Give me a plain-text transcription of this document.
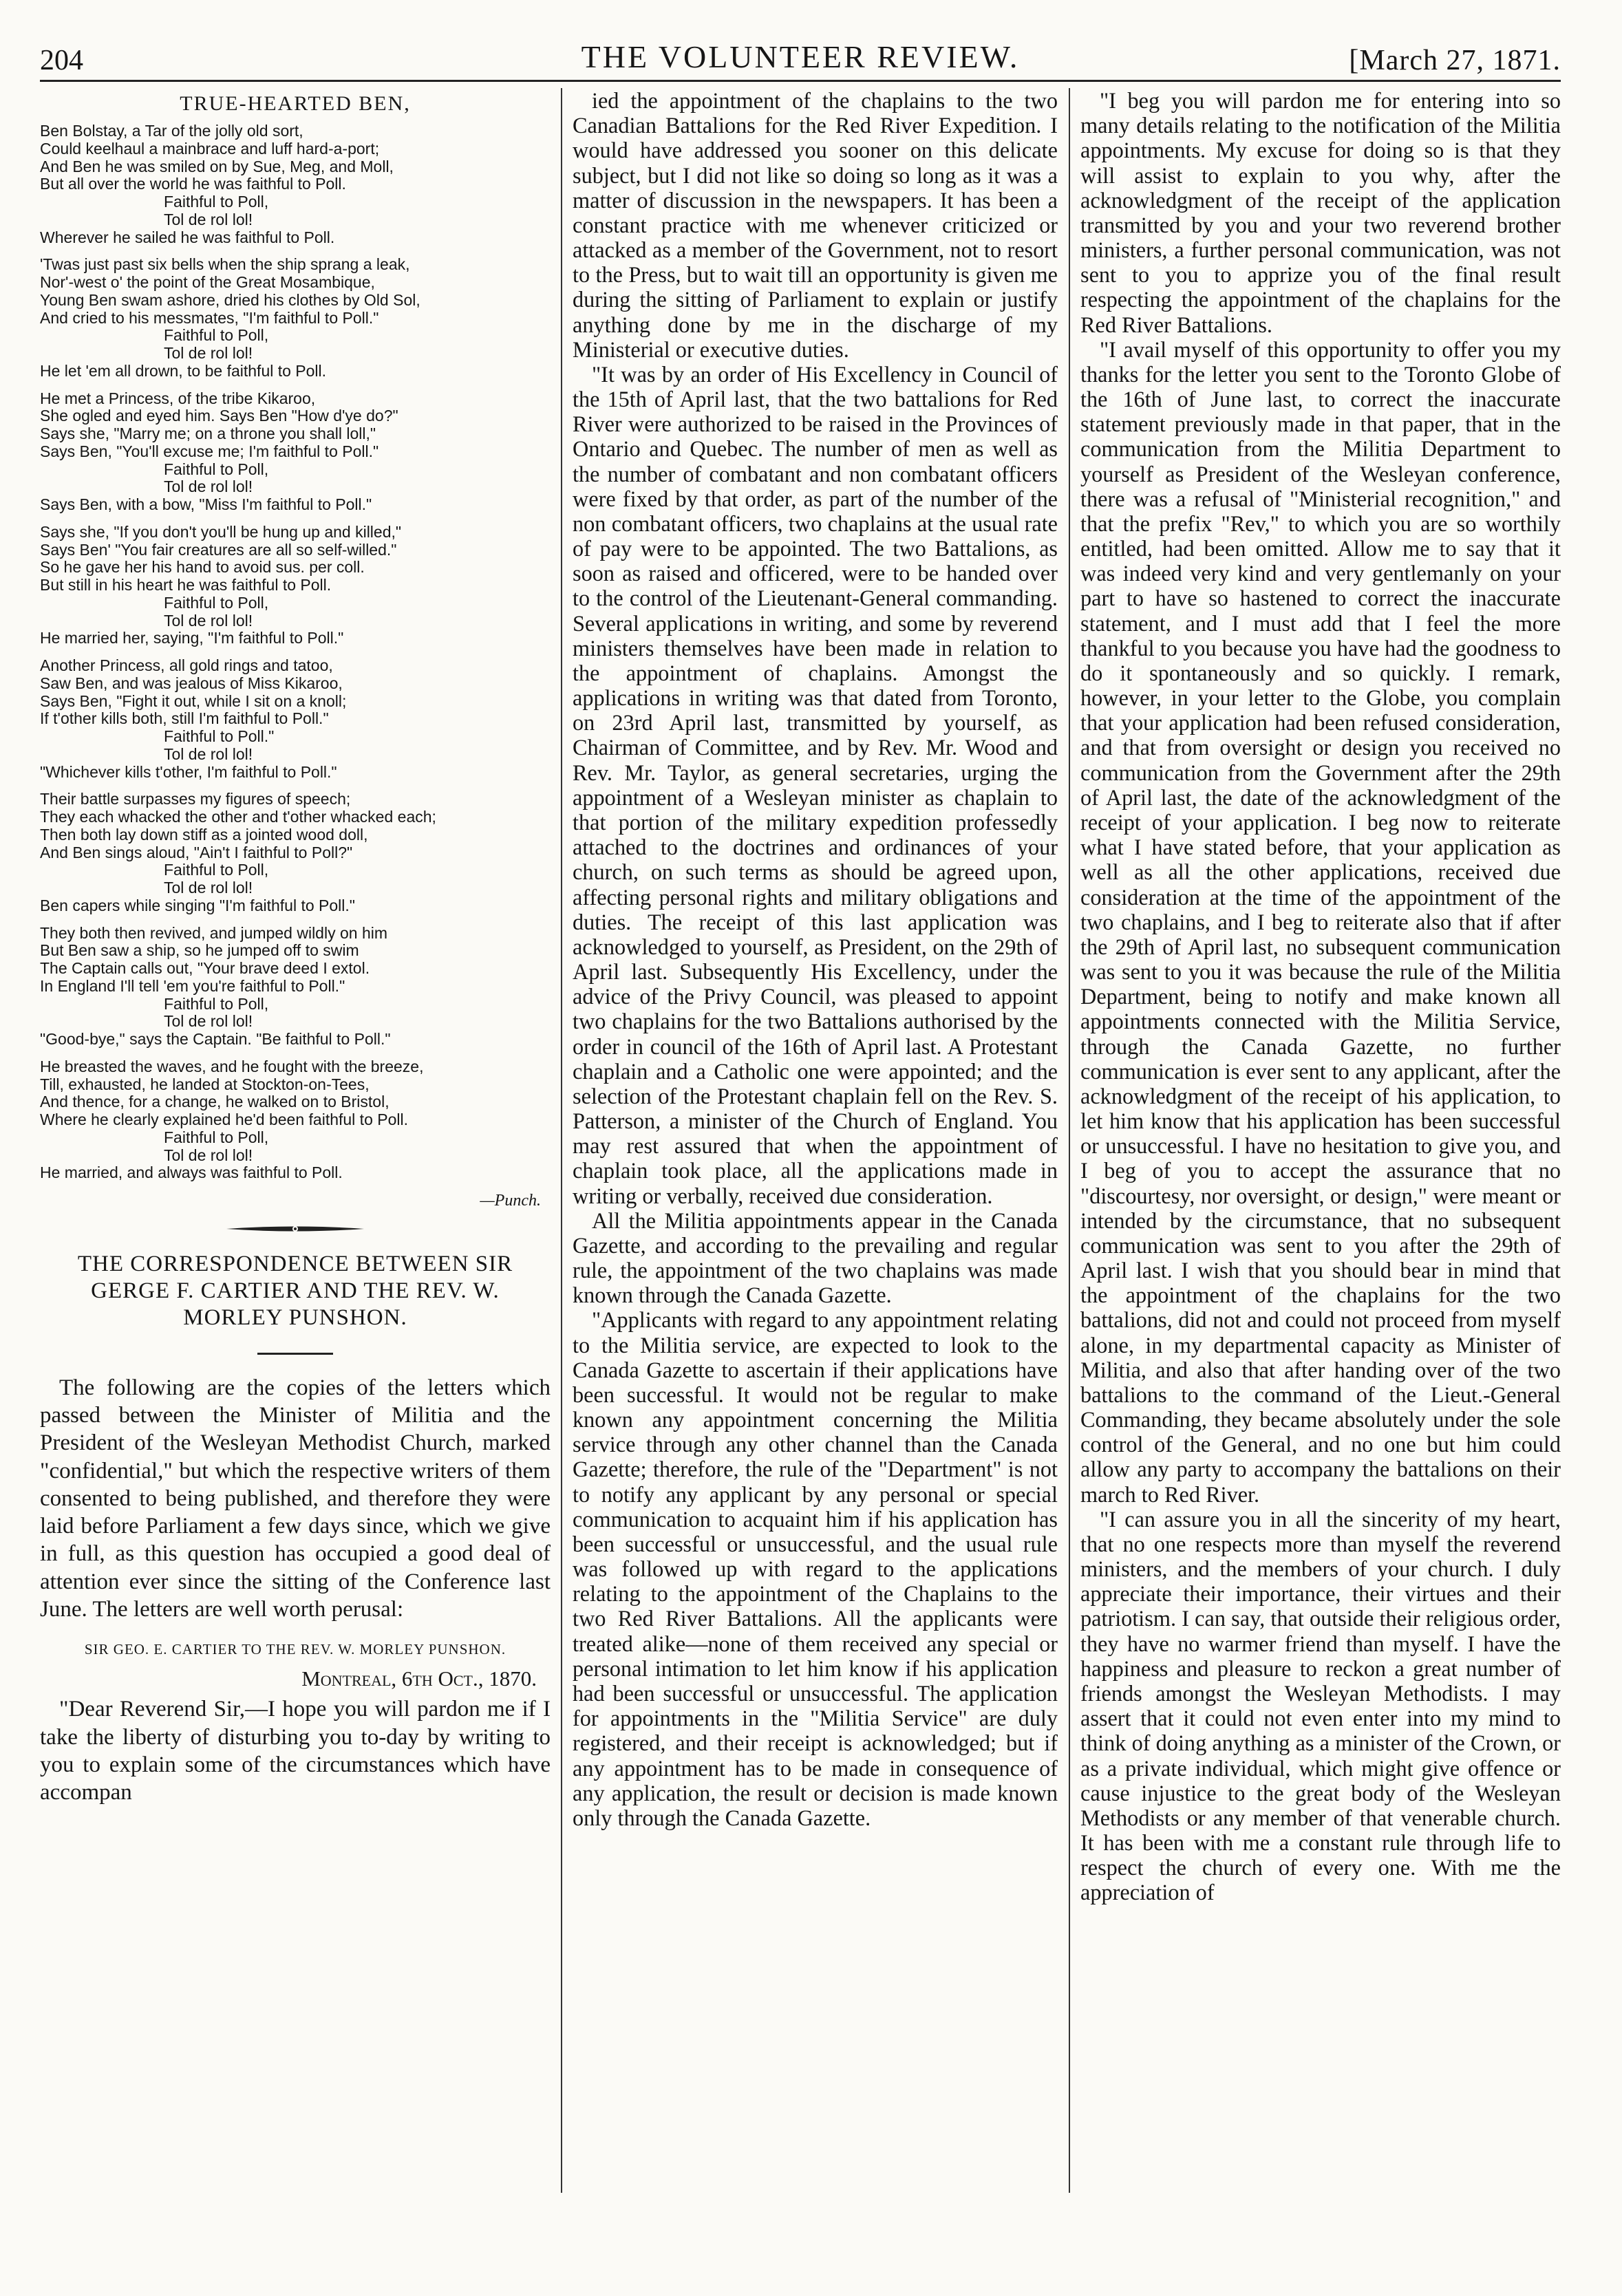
204	THE VOLUNTEER REVIEW.	[March 27, 1871.
TRUE-HEARTED BEN,
Ben Bolstay, a Tar of the jolly old sort,
Could keelhaul a mainbrace and luff hard-a-port;
And Ben he was smiled on by Sue, Meg, and Moll,
But all over the world he was faithful to Poll.
Faithful to Poll,
Tol de rol lol!
Wherever he sailed he was faithful to Poll.
'Twas just past six bells when the ship sprang a leak,
Nor'-west o' the point of the Great Mosambique,
Young Ben swam ashore, dried his clothes by Old Sol,
And cried to his messmates, "I'm faithful to Poll."
Faithful to Poll,
Tol de rol lol!
He let 'em all drown, to be faithful to Poll.
He met a Princess, of the tribe Kikaroo,
She ogled and eyed him. Says Ben "How d'ye do?"
Says she, "Marry me; on a throne you shall loll,"
Says Ben, "You'll excuse me; I'm faithful to Poll."
Faithful to Poll,
Tol de rol lol!
Says Ben, with a bow, "Miss I'm faithful to Poll."
Says she, "If you don't you'll be hung up and killed,"
Says Ben' "You fair creatures are all so self-willed."
So he gave her his hand to avoid sus. per coll.
But still in his heart he was faithful to Poll.
Faithful to Poll,
Tol de rol lol!
He married her, saying, "I'm faithful to Poll."
Another Princess, all gold rings and tatoo,
Saw Ben, and was jealous of Miss Kikaroo,
Says Ben, "Fight it out, while I sit on a knoll;
If t'other kills both, still I'm faithful to Poll."
Faithful to Poll."
Tol de rol lol!
"Whichever kills t'other, I'm faithful to Poll."
Their battle surpasses my figures of speech;
They each whacked the other and t'other whacked each;
Then both lay down stiff as a jointed wood doll,
And Ben sings aloud, "Ain't I faithful to Poll?"
Faithful to Poll,
Tol de rol lol!
Ben capers while singing "I'm faithful to Poll."
They both then revived, and jumped wildly on him
But Ben saw a ship, so he jumped off to swim
The Captain calls out, "Your brave deed I extol.
In England I'll tell 'em you're faithful to Poll."
Faithful to Poll,
Tol de rol lol!
"Good-bye," says the Captain. "Be faithful to Poll."
He breasted the waves, and he fought with the breeze,
Till, exhausted, he landed at Stockton-on-Tees,
And thence, for a change, he walked on to Bristol,
Where he clearly explained he'd been faithful to Poll.
Faithful to Poll,
Tol de rol lol!
He married, and always was faithful to Poll.
—Punch.
THE CORRESPONDENCE BETWEEN SIR GERGE F. CARTIER AND THE REV. W. MORLEY PUNSHON.

The following are the copies of the letters which passed between the Minister of Militia and the President of the Wesleyan Methodist Church, marked "confidential," but which the respective writers of them consented to being published, and therefore they were laid before Parliament a few days since, which we give in full, as this question has occupied a good deal of attention ever since the sitting of the Conference last June. The letters are well worth perusal:

SIR GEO. E. CARTIER TO THE REV. W. MORLEY PUNSHON.
Montreal, 6th Oct., 1870.

"Dear Reverend Sir,—I hope you will pardon me if I take the liberty of disturbing you to-day by writing to you to explain some of the circumstances which have accompan

ied the appointment of the chaplains to the two Canadian Battalions for the Red River Expedition. I would have addressed you sooner on this delicate subject, but I did not like so doing so long as it was a matter of discussion in the newspapers. It has been a constant practice with me whenever criticized or attacked as a member of the Government, not to resort to the Press, but to wait till an opportunity is given me during the sitting of Parliament to explain or justify anything done by me in the discharge of my Ministerial or executive duties.

"It was by an order of His Excellency in Council of the 15th of April last, that the two battalions for Red River were authorized to be raised in the Provinces of Ontario and Quebec. The number of men as well as the number of combatant and non combatant officers were fixed by that order, as part of the number of the non combatant officers, two chaplains at the usual rate of pay were to be appointed. The two Battalions, as soon as raised and officered, were to be handed over to the control of the Lieutenant-General commanding. Several applications in writing, and some by reverend ministers themselves have been made in relation to the appointment of chaplains. Amongst the applications in writing was that dated from Toronto, on 23rd April last, transmitted by yourself, as Chairman of Committee, and by Rev. Mr. Wood and Rev. Mr. Taylor, as general secretaries, urging the appointment of a Wesleyan minister as chaplain to that portion of the military expedition professedly attached to the doctrines and ordinances of your church, on such terms as should be agreed upon, affecting personal rights and military obligations and duties. The receipt of this last application was acknowledged to yourself, as President, on the 29th of April last. Subsequently His Excellency, under the advice of the Privy Council, was pleased to appoint two chaplains for the two Battalions authorised by the order in council of the 16th of April last. A Protestant chaplain and a Catholic one were appointed; and the selection of the Protestant chaplain fell on the Rev. S. Patterson, a minister of the Church of England. You may rest assured that when the appointment of chaplain took place, all the applications made in writing or verbally, received due consideration.

All the Militia appointments appear in the Canada Gazette, and according to the prevailing and regular rule, the appointment of the two chaplains was made known through the Canada Gazette.

"Applicants with regard to any appointment relating to the Militia service, are expected to look to the Canada Gazette to ascertain if their applications have been successful. It would not be regular to make known any appointment concerning the Militia service through any other channel than the Canada Gazette; therefore, the rule of the "Department" is not to notify any applicant by any personal or special communication to acquaint him if his application has been successful or unsuccessful, and the usual rule was followed up with regard to the applications relating to the appointment of the Chaplains to the two Red River Battalions. All the applicants were treated alike—none of them received any special or personal intimation to let him know if his application had been successful or unsuccessful. The application for appointments in the "Militia Service" are duly registered, and their receipt is acknowledged; but if any appointment has to be made in consequence of any application, the result or decision is made known only through the Canada Gazette.

"I beg you will pardon me for entering into so many details relating to the notification of the Militia appointments. My excuse for doing so is that they will assist to explain to you why, after the acknowledgment of the receipt of the application transmitted by you and your two reverend brother ministers, a further personal communication, was not sent to you to apprize you of the final result respecting the appointment of the chaplains for the Red River Battalions.

"I avail myself of this opportunity to offer you my thanks for the letter you sent to the Toronto Globe of the 16th of June last, to correct the inaccurate statement previously made in that paper, that in the communication from the Militia Department to yourself as President of the Wesleyan conference, there was a refusal of "Ministerial recognition," and that the prefix "Rev," to which you are so worthily entitled, had been omitted. Allow me to say that it was indeed very kind and very gentlemanly on your part to have so hastened to correct the inaccurate statement, and I must add that I feel the more thankful to you because you have had the goodness to do it spontaneously and so quickly. I remark, however, in your letter to the Globe, you complain that your application had been refused consideration, and that from oversight or design you received no communication from the Government after the 29th of April last, the date of the acknowledgment of the receipt of your application. I beg now to reiterate what I have stated before, that your application as well as all the other applications, received due consideration at the time of the appointment of the two chaplains, and I beg to reiterate also that if after the 29th of April last, no subsequent communication was sent to you it was because the rule of the Militia Department, being to notify and make known all appointments connected with the Militia Service, through the Canada Gazette, no further communication is ever sent to any applicant, after the acknowledgment of the receipt of his application, to let him know that his application has been successful or unsuccessful. I have no hesitation to give you, and I beg of you to accept the assurance that no "discourtesy, nor oversight, or design," were meant or intended by the circumstance, that no subsequent communication was sent to you after the 29th of April last. I wish that you should bear in mind that the appointment of the chaplains for the two battalions, did not and could not proceed from myself alone, in my departmental capacity as Minister of Militia, and also that after handing over of the two battalions to the command of the Lieut.-General Commanding, they became absolutely under the sole control of the General, and no one but him could allow any party to accompany the battalions on their march to Red River.

"I can assure you in all the sincerity of my heart, that no one respects more than myself the reverend ministers, and the members of your church. I duly appreciate their importance, their virtues and their patriotism. I can say, that outside their religious order, they have no warmer friend than myself. I have the happiness and pleasure to reckon a great number of friends amongst the Wesleyan Methodists. I may assert that it could not even enter into my mind to think of doing anything as a minister of the Crown, or as a private individual, which might give offence or cause injustice to the great body of the Wesleyan Methodists or any member of that venerable church. It has been with me a constant rule through life to respect the church of every one. With me the appreciation of
